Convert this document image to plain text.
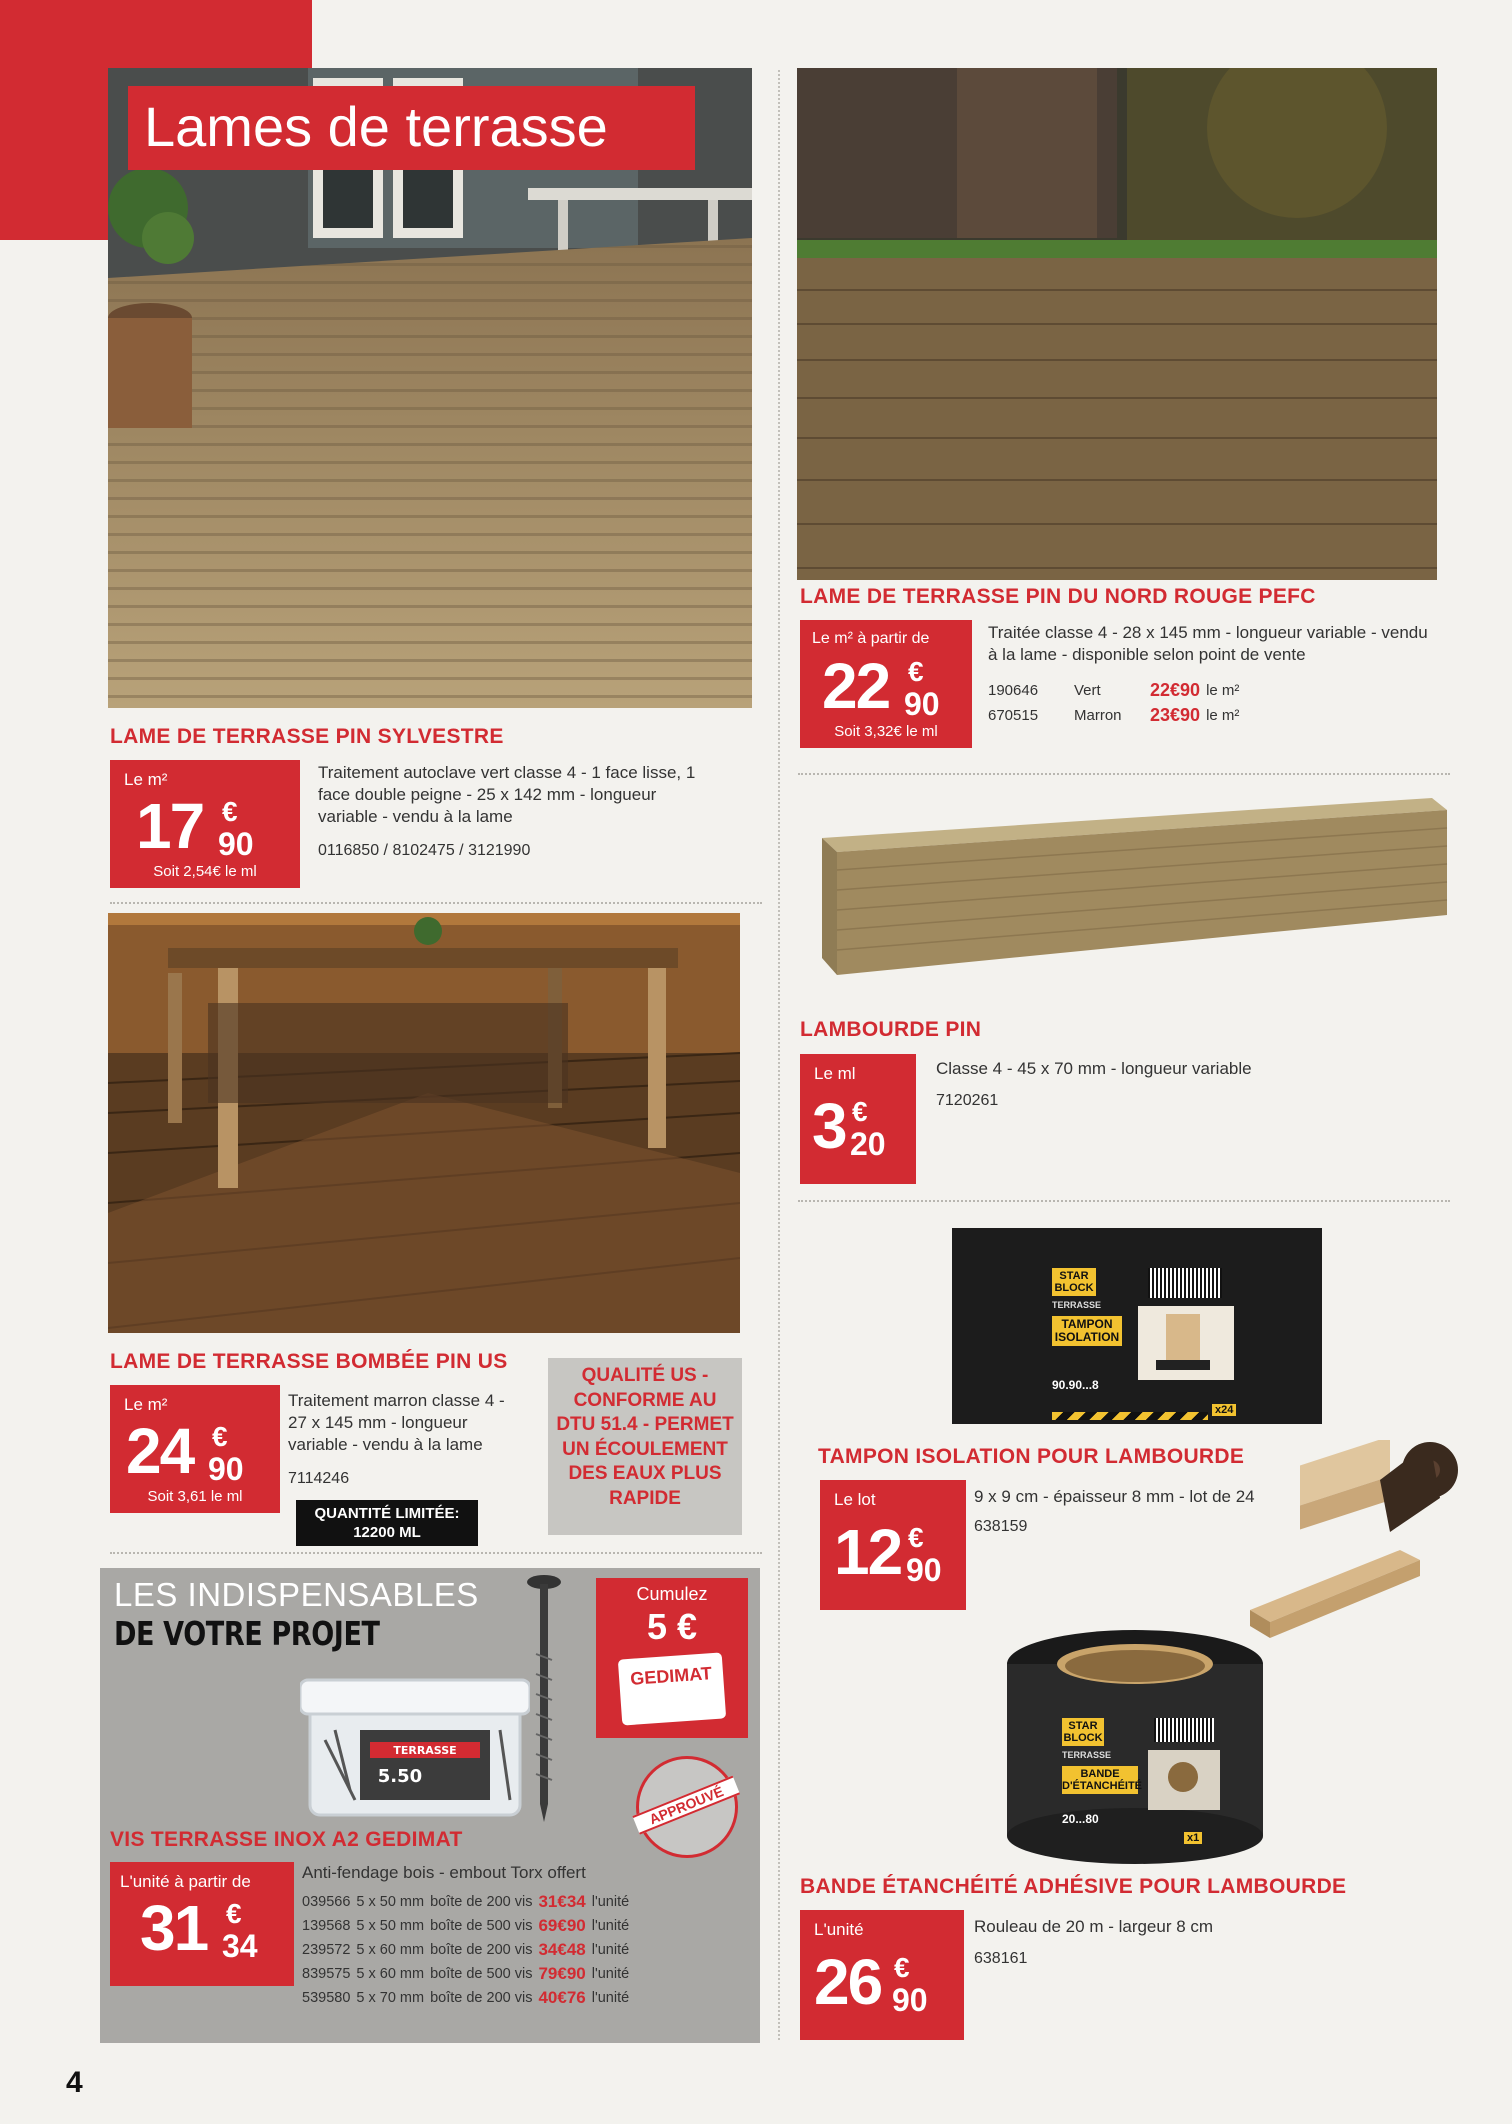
Lames de terrasse
LAME DE TERRASSE PIN SYLVESTRE
Le m²
17 €
90
Soit 2,54€ le ml
Traitement autoclave vert classe 4 - 1 face lisse, 1 face double peigne - 25 x 142 mm - longueur variable - vendu à la lame
0116850 / 8102475 / 3121990
LAME DE TERRASSE PIN DU NORD ROUGE PEFC
Le m² à partir de
22 €
90
Soit 3,32€ le ml
Traitée classe 4 - 28 x 145 mm - longueur variable - vendu à la lame - disponible selon point de vente
190646	Vert	22€90	le m²
670515	Marron	23€90	le m²
LAME DE TERRASSE BOMBÉE PIN US
Le m²
24 €
90
Soit 3,61 le ml
Traitement marron classe 4 - 27 x 145 mm - longueur variable - vendu à la lame
7114246
QUANTITÉ LIMITÉE: 12200 ML
QUALITÉ US - CONFORME AU DTU 51.4 - PERMET UN ÉCOULEMENT DES EAUX PLUS RAPIDE
LES INDISPENSABLES
DE VOTRE PROJET
TERRASSE
5.50
Cumulez
5 €
GEDIMAT
APPROUVÉ
VIS TERRASSE INOX A2 GEDIMAT
L'unité à partir de
31 €
34
Anti-fendage bois - embout Torx offert
039566	5 x 50 mm	boîte de 200 vis	31€34	l'unité
139568	5 x 50 mm	boîte de 500 vis	69€90	l'unité
239572	5 x 60 mm	boîte de 200 vis	34€48	l'unité
839575	5 x 60 mm	boîte de 500 vis	79€90	l'unité
539580	5 x 70 mm	boîte de 200 vis	40€76	l'unité
LAMBOURDE PIN
Le ml
3 €
20
Classe 4 - 45 x 70 mm - longueur variable
7120261
STAR BLOCK
TERRASSE
TAMPON ISOLATION
90.90...8
x24
TAMPON ISOLATION POUR LAMBOURDE
Le lot
12 €
90
9 x 9 cm - épaisseur 8 mm - lot de 24
638159
STAR BLOCK
TERRASSE
BANDE D'ÉTANCHÉITÉ
20...80
x1
BANDE ÉTANCHÉITÉ ADHÉSIVE POUR LAMBOURDE
L'unité
26 €
90
Rouleau de 20 m - largeur 8 cm
638161
4
